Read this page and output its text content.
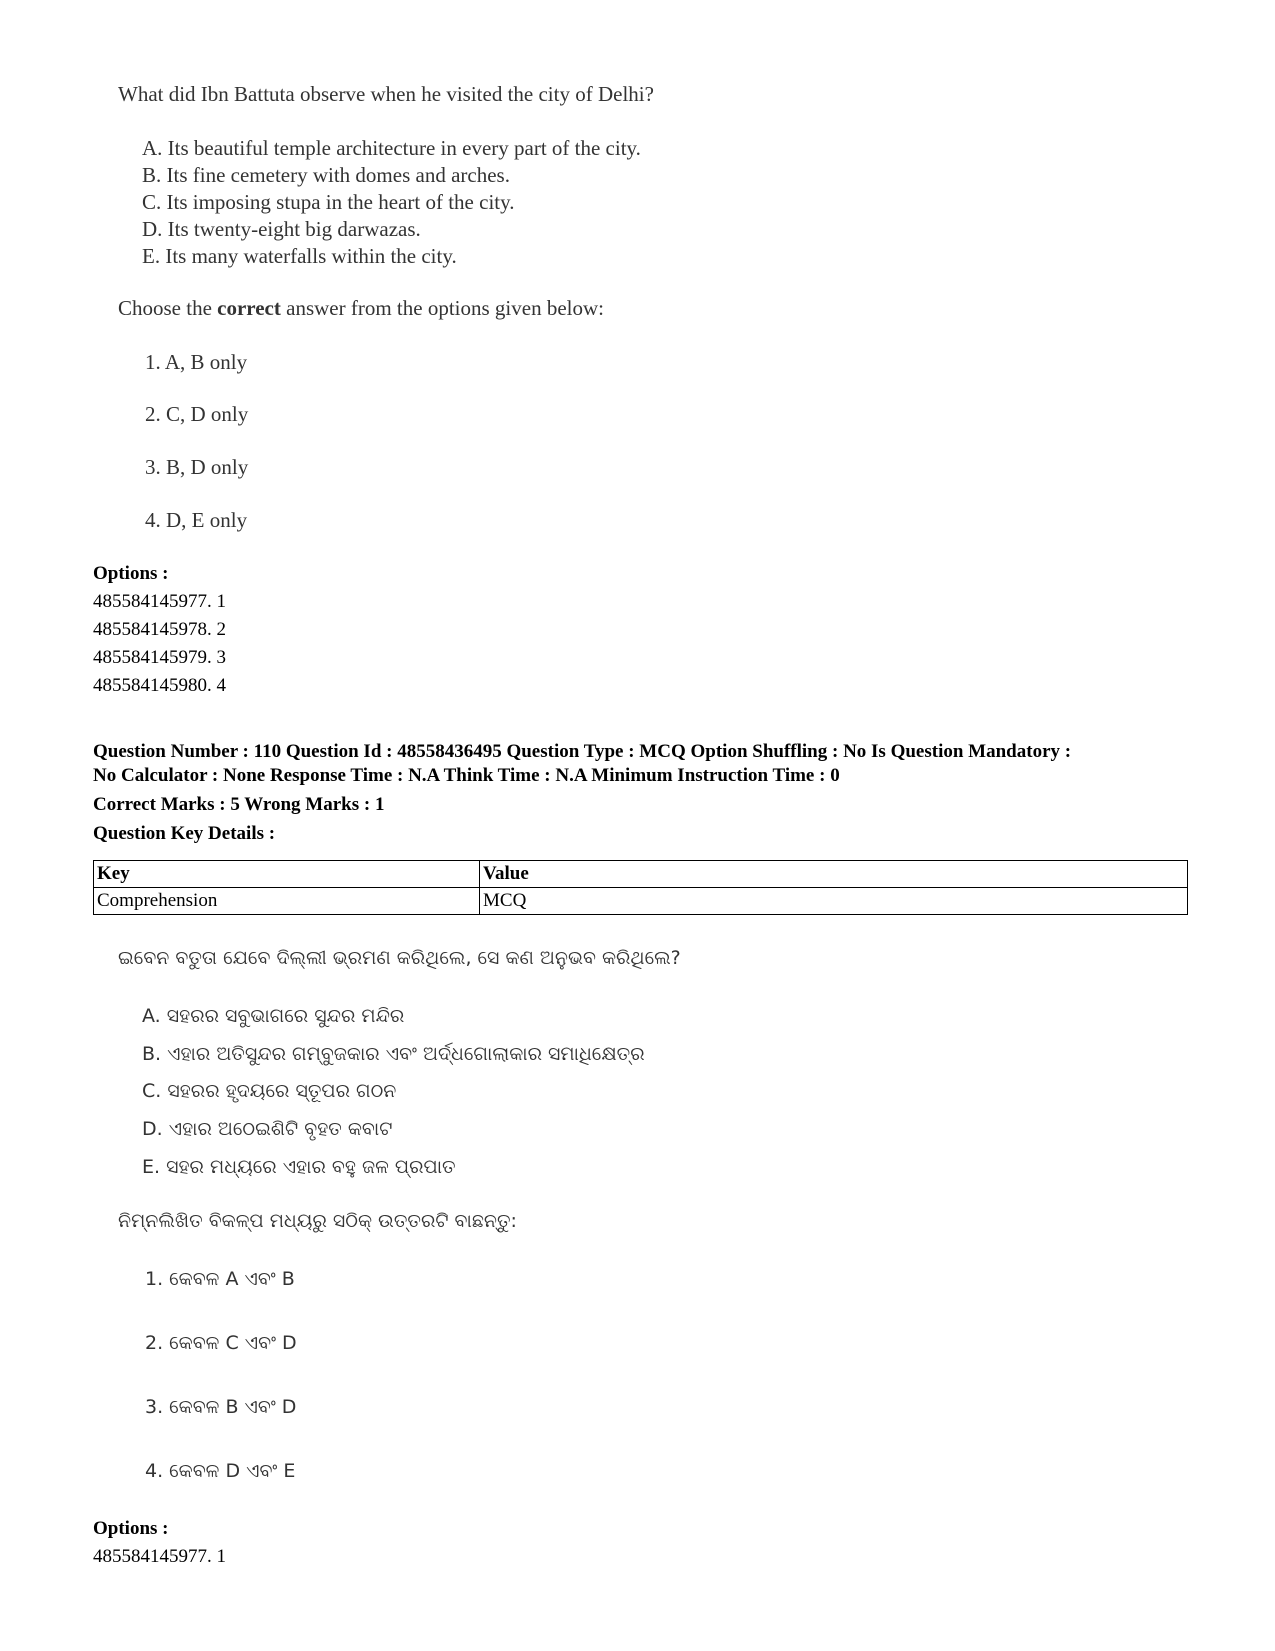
What did Ibn Battuta observe when he visited the city of Delhi?
A. Its beautiful temple architecture in every part of the city.
B. Its fine cemetery with domes and arches.
C. Its imposing stupa in the heart of the city.
D. Its twenty-eight big darwazas.
E. Its many waterfalls within the city.
Choose the correct answer from the options given below:
1. A, B only
2. C, D only
3. B, D only
4. D, E only
Options :
485584145977. 1
485584145978. 2
485584145979. 3
485584145980. 4
Question Number : 110 Question Id : 48558436495 Question Type : MCQ Option Shuffling : No Is Question Mandatory :
No Calculator : None Response Time : N.A Think Time : N.A Minimum Instruction Time : 0
Correct Marks : 5 Wrong Marks : 1
Question Key Details :
Key	Value
Comprehension	MCQ
ଇବେନ ବତୁତା ଯେବେ ଦିଲ୍ଲୀ ଭ୍ରମଣ କରିଥିଲେ, ସେ କଣ ଅନୁଭବ କରିଥିଲେ?
A. ସହରର ସବୁଭାଗରେ ସୁନ୍ଦର ମନ୍ଦିର
B. ଏହାର ଅତିସୁନ୍ଦର ଗମ୍ବୁଜକାର ଏବଂ ଅର୍ଦ୍ଧଗୋଲାକାର ସମାଧିକ୍ଷେତ୍ର
C. ସହରର ହୃଦୟରେ ସ୍ତୂପର ଗଠନ
D. ଏହାର ଅଠେଇଶିଟି ବୃହତ କବାଟ
E. ସହର ମଧ୍ୟରେ ଏହାର ବହୁ ଜଳ ପ୍ରପାତ
ନିମ୍ନଲିଖିତ ବିକଳ୍ପ ମଧ୍ୟରୁ ସଠିକ୍ ଉତ୍ତରଟି ବାଛନ୍ତୁ:
1. କେବଳ A ଏବଂ B
2. କେବଳ C ଏବଂ D
3. କେବଳ B ଏବଂ D
4. କେବଳ D ଏବଂ E
Options :
485584145977. 1
